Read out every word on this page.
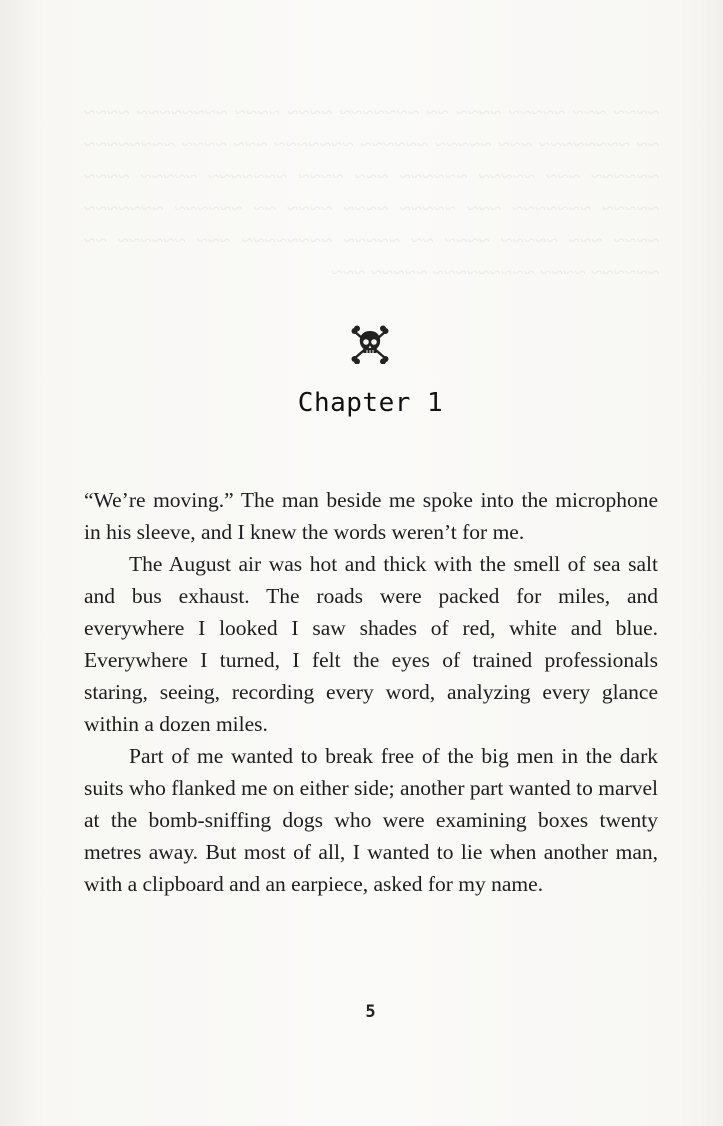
~~~~ ~~~ ~~~~~ ~~~~ ~~ ~~~~~~~ ~~~~ ~~~~ ~~~~~~~~ ~~~~ ~~ ~~~~~~~~ ~~~ ~~~~~ ~~~~~~ ~~~~~~~ ~~~ ~~~~ ~~~~~~~~ ~~~~~~ ~~~ ~~~~~ ~~~~~~ ~~~ ~~~~ ~~~~~~~ ~~~~~ ~~~~ ~~~~~ ~~~~~~~ ~~~ ~~~~~ ~~~~ ~~~~ ~~ ~~~~~~ ~~~~~~~ ~~~~ ~~~ ~~~~~ ~~~~ ~~ ~~~~~ ~~~~~~~~ ~~~ ~~~~~~ ~~ ~~~~~~ ~~~~ ~~~~~~~~~ ~~~~~ ~~~
Chapter 1

“We’re moving.” The man beside me spoke into the microphone in his sleeve, and I knew the words weren’t for me.

The August air was hot and thick with the smell of sea salt and bus exhaust. The roads were packed for miles, and everywhere I looked I saw shades of red, white and blue. Everywhere I turned, I felt the eyes of trained professionals staring, seeing, recording every word, analyzing every glance within a dozen miles.

Part of me wanted to break free of the big men in the dark suits who flanked me on either side; another part wanted to marvel at the bomb-sniffing dogs who were examining boxes twenty metres away. But most of all, I wanted to lie when another man, with a clipboard and an earpiece, asked for my name.

5
